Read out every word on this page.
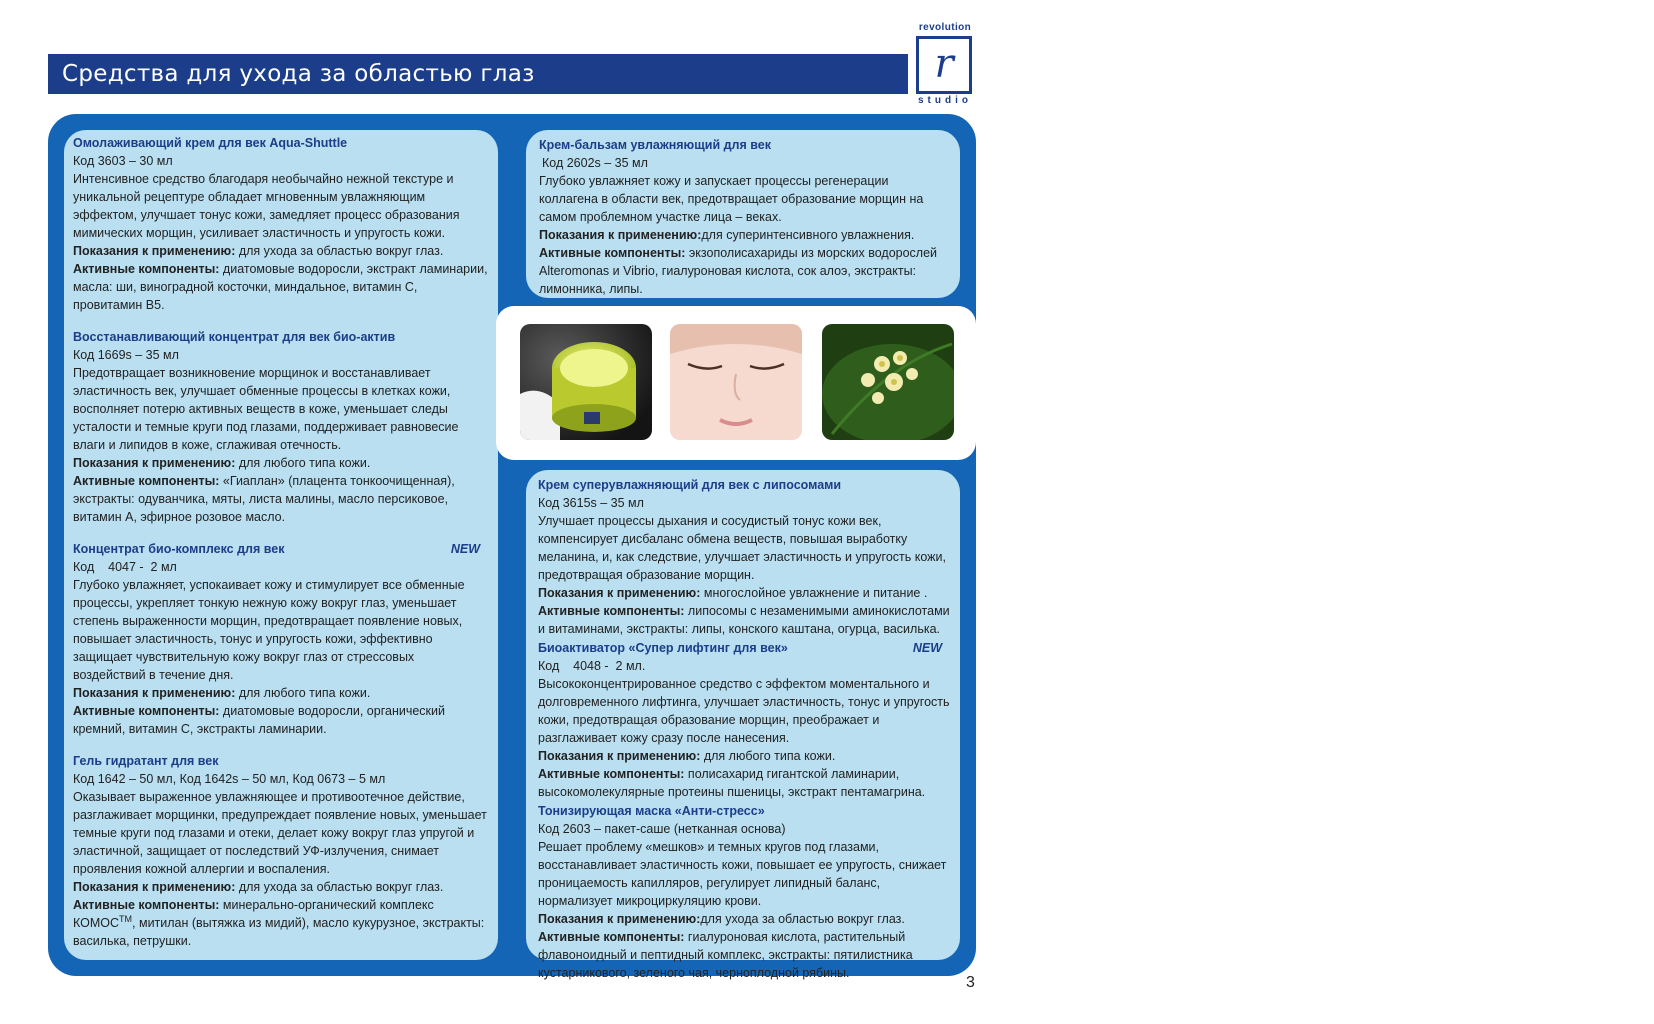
Средства для ухода за областью глаз
revolution
r
studio
Омолаживающий крем для век Aqua-Shuttle
Код 3603 – 30 мл
Интенсивное средство благодаря необычайно нежной текстуре и уникальной рецептуре обладает мгновенным увлажняющим эффектом, улучшает тонус кожи, замедляет процесс образования мимических морщин, усиливает эластичность и упругость кожи.
Показания к применению: для ухода за областью вокруг глаз.
Активные компоненты: диатомовые водоросли, экстракт ламинарии, масла: ши, виноградной косточки, миндальное, витамин С, провитамин В5.
Восстанавливающий концентрат для век био-актив
Код 1669s – 35 мл
Предотвращает возникновение морщинок и восстанавливает эластичность век, улучшает обменные процессы в клетках кожи, восполняет потерю активных веществ в коже, уменьшает следы усталости и темные круги под глазами, поддерживает равновесие влаги и липидов в коже, сглаживая отечность.
Показания к применению: для любого типа кожи.
Активные компоненты: «Гиаплан» (плацента тонкоочищенная), экстракты: одуванчика, мяты, листа малины, масло персиковое, витамин А, эфирное розовое масло.
Концентрат био-комплекс для век	NEW
Код    4047 -  2 мл
Глубоко увлажняет, успокаивает кожу и стимулирует все обменные процессы, укрепляет тонкую нежную кожу вокруг глаз, уменьшает степень выраженности морщин, предотвращает появление новых, повышает эластичность, тонус и упругость кожи, эффективно защищает чувствительную кожу вокруг глаз от стрессовых воздействий в течение дня.
Показания к применению: для любого типа кожи.
Активные компоненты: диатомовые водоросли, органический кремний, витамин С, экстракты ламинарии.
Гель гидратант для век
Код 1642 – 50 мл, Код 1642s – 50 мл, Код 0673 – 5 мл
Оказывает выраженное увлажняющее и противоотечное действие, разглаживает морщинки, предупреждает появление новых, уменьшает темные круги под глазами и отеки, делает кожу вокруг глаз упругой и эластичной, защищает от последствий УФ-излучения, снимает проявления кожной аллергии и воспаления.
Показания к применению: для ухода за областью вокруг глаз.
Активные компоненты: минерально-органический комплекс КОМОС™, митилан (вытяжка из мидий), масло кукурузное, экстракты: василька, петрушки.
Крем-бальзам увлажняющий для век
Код 2602s – 35 мл
Глубоко увлажняет кожу и запускает процессы регенерации коллагена в области век, предотвращает образование морщин на самом проблемном участке лица – веках.
Показания к применению:для суперинтенсивного увлажнения.
Активные компоненты: экзополисахариды из морских водорослей Alteromonas и Vibrio, гиалуроновая кислота, сок алоэ, экстракты: лимонника, липы.
Крем суперувлажняющий для век с липосомами
Код 3615s – 35 мл
Улучшает процессы дыхания и сосудистый тонус кожи век, компенсирует дисбаланс обмена веществ, повышая выработку меланина, и, как следствие, улучшает эластичность и упругость кожи, предотвращая образование морщин.
Показания к применению: многослойное увлажнение и питание .
Активные компоненты: липосомы с незаменимыми аминокислотами и витаминами, экстракты: липы, конского каштана, огурца, василька.
Биоактиватор «Супер лифтинг для век»	NEW
Код    4048 -  2 мл.
Высококонцентрированное средство с эффектом моментального и долговременного лифтинга, улучшает эластичность, тонус и упругость кожи, предотвращая образование морщин, преображает и разглаживает кожу сразу после нанесения.
Показания к применению: для любого типа кожи.
Активные компоненты: полисахарид гигантской ламинарии, высокомолекулярные протеины пшеницы, экстракт пентамагрина.
Тонизирующая маска «Анти-стресс»
Код 2603 – пакет-саше (нетканная основа)
Решает проблему «мешков» и темных кругов под глазами, восстанавливает эластичность кожи, повышает ее упругость, снижает проницаемость капилляров, регулирует липидный баланс, нормализует микроциркуляцию крови.
Показания к применению:для ухода за областью вокруг глаз.
Активные компоненты: гиалуроновая кислота, растительный флавоноидный и пептидный комплекс, экстракты: пятилистника кустарникового, зеленого чая, черноплодной рябины.
3
